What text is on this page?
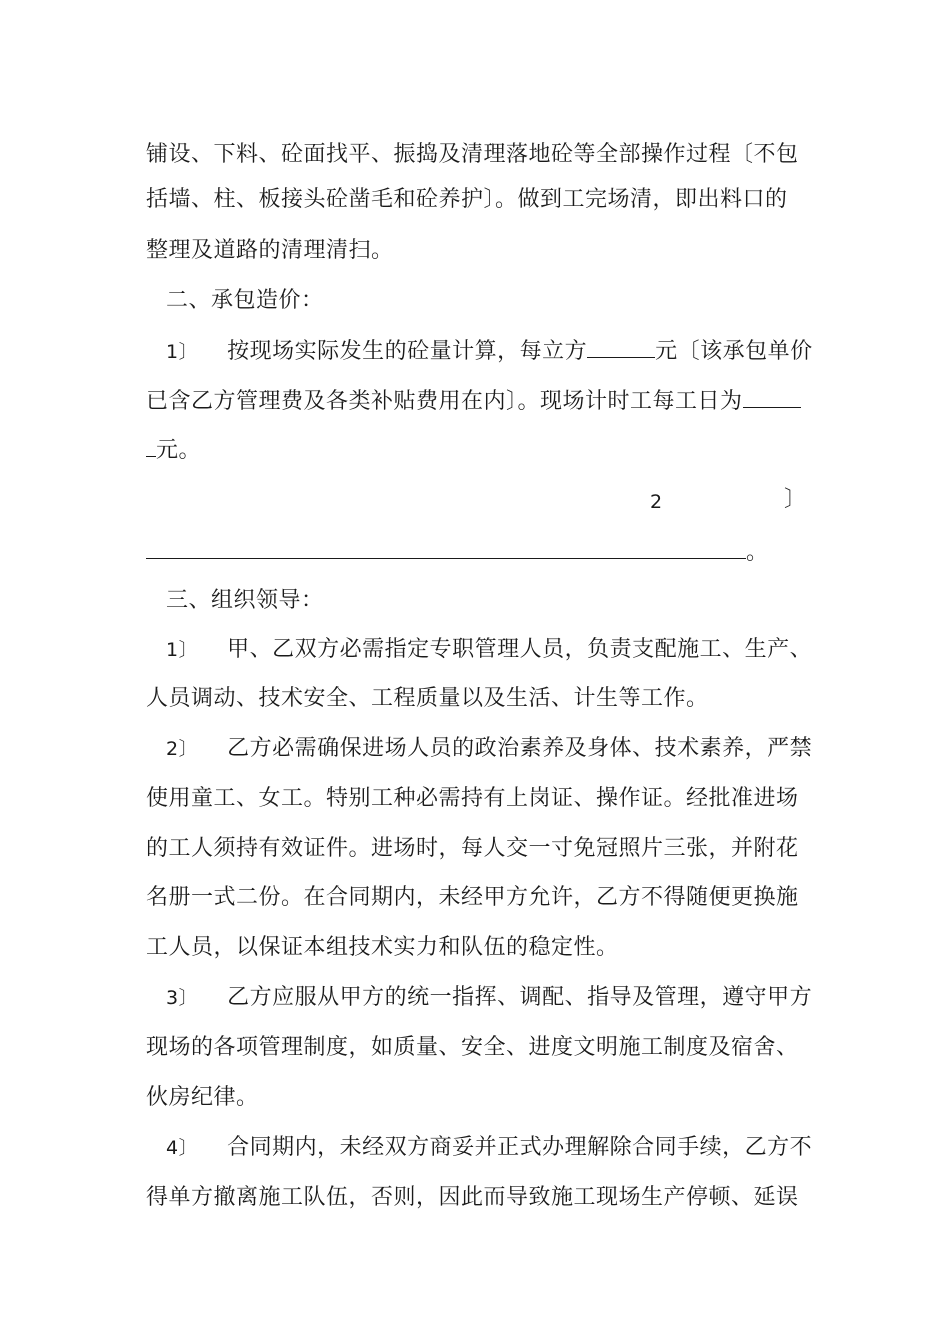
铺设、下料、砼面找平、振捣及清理落地砼等全部操作过程〔不包
括墙、柱、板接头砼凿毛和砼养护〕。做到工完场清，即出料口的
整理及道路的清理清扫。
二、承包造价：
1〕 按现场实际发生的砼量计算，每立方	元〔该承包单价
已含乙方管理费及各类补贴费用在内〕。现场计时工每工日为
元。
2	〕
。
三、组织领导：
1〕 甲、乙双方必需指定专职管理人员，负责支配施工、生产、
人员调动、技术安全、工程质量以及生活、计生等工作。
2〕 乙方必需确保进场人员的政治素养及身体、技术素养，严禁
使用童工、女工。特别工种必需持有上岗证、操作证。经批准进场
的工人须持有效证件。进场时，每人交一寸免冠照片三张，并附花
名册一式二份。在合同期内，未经甲方允许，乙方不得随便更换施
工人员，以保证本组技术实力和队伍的稳定性。
3〕 乙方应服从甲方的统一指挥、调配、指导及管理，遵守甲方
现场的各项管理制度，如质量、安全、进度文明施工制度及宿舍、
伙房纪律。
4〕 合同期内，未经双方商妥并正式办理解除合同手续，乙方不
得单方撤离施工队伍，否则，因此而导致施工现场生产停顿、延误
